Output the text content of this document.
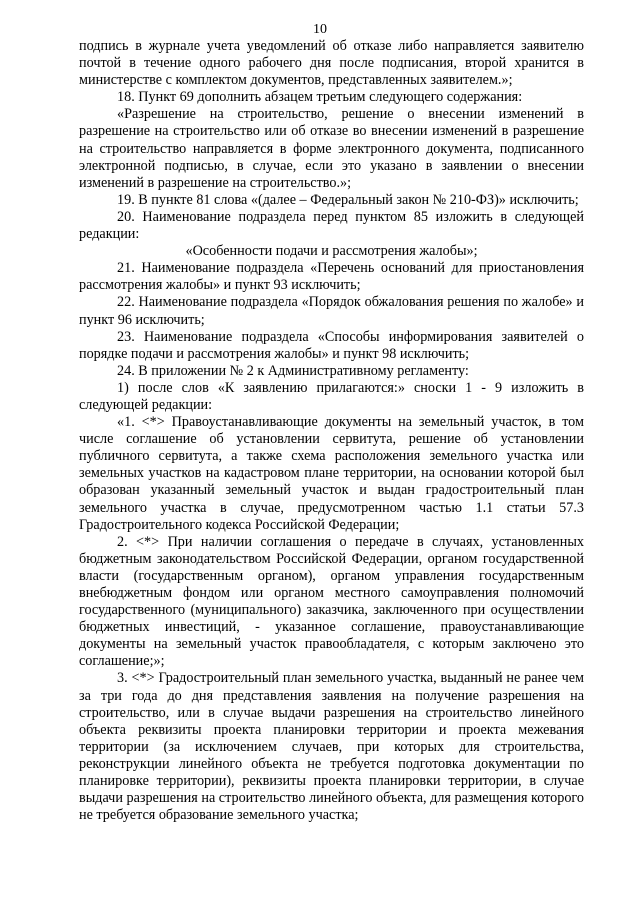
10

подпись в журнале учета уведомлений об отказе либо направляется заявителю почтой в течение одного рабочего дня после подписания, второй хранится в министерстве с комплектом документов, представленных заявителем.»;

18. Пункт 69 дополнить абзацем третьим следующего содержания:

«Разрешение на строительство, решение о внесении изменений в разрешение на строительство или об отказе во внесении изменений в разрешение на строительство направляется в форме электронного документа, подписанного электронной подписью, в случае, если это указано в заявлении о внесении изменений в разрешение на строительство.»;

19. В пункте 81 слова «(далее – Федеральный закон № 210-ФЗ)» исключить;

20. Наименование подраздела перед пунктом 85 изложить в следующей редакции:

«Особенности подачи и рассмотрения жалобы»;

21. Наименование подраздела «Перечень оснований для приостановления рассмотрения жалобы» и пункт 93 исключить;

22. Наименование подраздела «Порядок обжалования решения по жалобе» и пункт 96 исключить;

23. Наименование подраздела «Способы информирования заявителей о порядке подачи и рассмотрения жалобы» и пункт 98 исключить;

24. В приложении № 2 к Административному регламенту:

1) после слов «К заявлению прилагаются:» сноски 1 - 9 изложить в следующей редакции:

«1. <*> Правоустанавливающие документы на земельный участок, в том числе соглашение об установлении сервитута, решение об установлении публичного сервитута, а также схема расположения земельного участка или земельных участков на кадастровом плане территории, на основании которой был образован указанный земельный участок и выдан градостроительный план земельного участка в случае, предусмотренном частью 1.1 статьи 57.3 Градостроительного кодекса Российской Федерации;

2. <*> При наличии соглашения о передаче в случаях, установленных бюджетным законодательством Российской Федерации, органом государственной власти (государственным органом), органом управления государственным внебюджетным фондом или органом местного самоуправления полномочий государственного (муниципального) заказчика, заключенного при осуществлении бюджетных инвестиций, - указанное соглашение, правоустанавливающие документы на земельный участок правообладателя, с которым заключено это соглашение;»;

3. <*> Градостроительный план земельного участка, выданный не ранее чем за три года до дня представления заявления на получение разрешения на строительство, или в случае выдачи разрешения на строительство линейного объекта реквизиты проекта планировки территории и проекта межевания территории (за исключением случаев, при которых для строительства, реконструкции линейного объекта не требуется подготовка документации по планировке территории), реквизиты проекта планировки территории, в случае выдачи разрешения на строительство линейного объекта, для размещения которого не требуется образование земельного участка;
